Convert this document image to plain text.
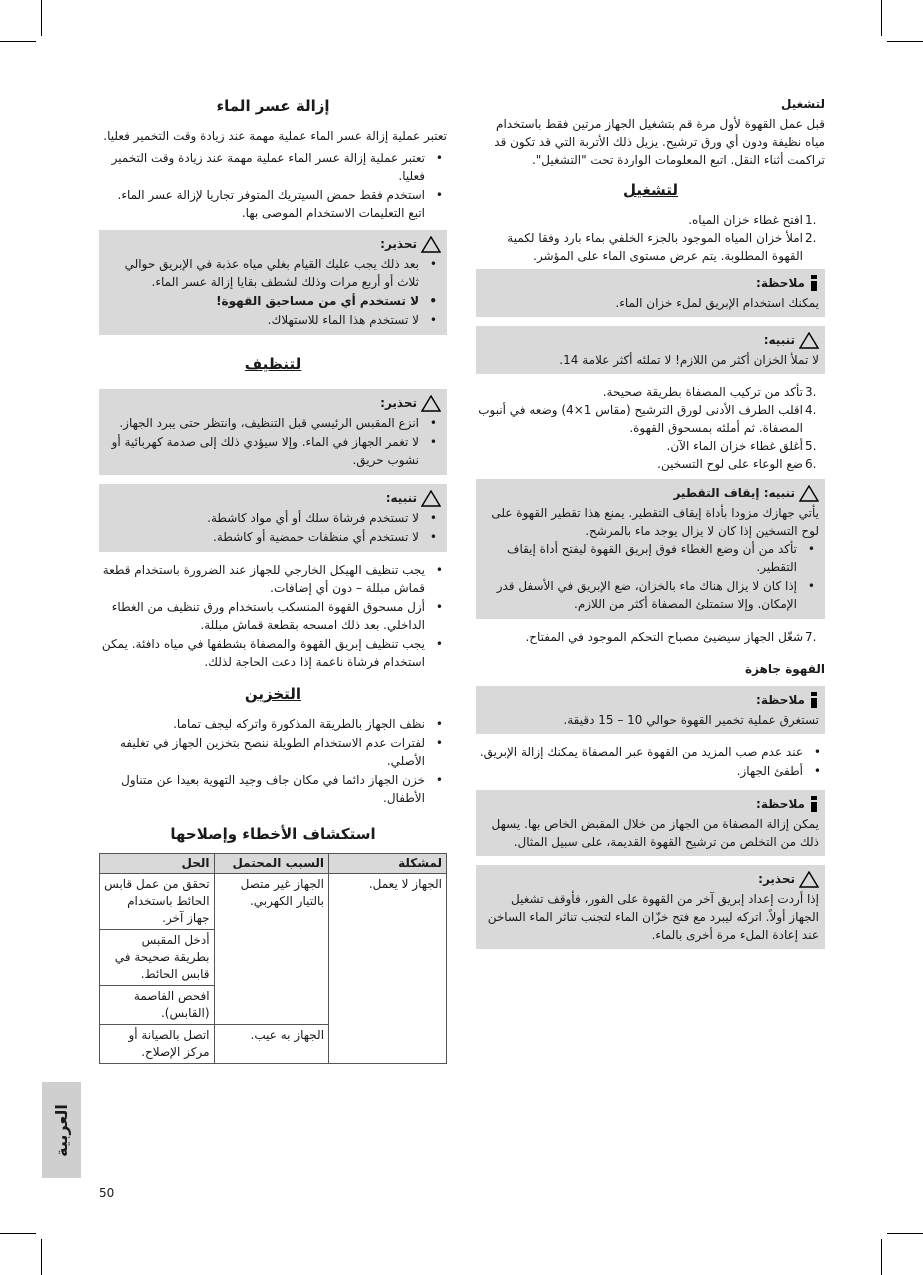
لتشغيل

قبل عمل القهوة لأول مرة قم بتشغيل الجهاز مرتين فقط باستخدام مياه نظيفة ودون أي ورق ترشيح. يزيل ذلك الأتربة التي قد تكون قد تراكمت أثناء النقل. اتبع المعلومات الواردة تحت "التشغيل".

لتشغيل
1.
افتح غطاء خزان المياه.
2.
املأ خزان المياه الموجود بالجزء الخلفي بماء بارد وفقا لكمية القهوة المطلوبة. يتم عرض مستوى الماء على المؤشر.
ملاحظة:

يمكنك استخدام الإبريق لملء خزان الماء.

تنبيه:

لا تملأ الخزان أكثر من اللازم! لا تملئه أكثر علامة 14.

3.
تأكد من تركيب المصفاة بطريقة صحيحة.
4.
اقلب الطرف الأدنى لورق الترشيح (مقاس 1×4) وضعه في أنبوب المصفاة. ثم أملئه بمسحوق القهوة.
5.
أغلق غطاء خزان الماء الآن.
6.
ضع الوعاء على لوح التسخين.
تنبيه: إيقاف التقطير

يأتي جهازك مزودا بأداة إيقاف التقطير. يمنع هذا تقطير القهوة على لوح التسخين إذا كان لا يزال يوجد ماء بالمرشح.

• تأكد من أن وضع الغطاء فوق إبريق القهوة ليفتح أداة إيقاف التقطير.
• إذا كان لا يزال هناك ماء بالخزان، ضع الإبريق في الأسفل قدر الإمكان. وإلا ستمتلئ المصفاة أكثر من اللازم.
7.
شغّل الجهاز سيضيئ مصباح التحكم الموجود في المفتاح.

القهوة جاهزة

ملاحظة:

تستغرق عملية تخمير القهوة حوالي 10 – 15 دقيقة.

• عند عدم صب المزيد من القهوة عبر المصفاة يمكنك إزالة الإبريق.
• أطفئ الجهاز.
ملاحظة:

يمكن إزالة المصفاة من الجهاز من خلال المقبض الخاص بها. يسهل ذلك من التخلص من ترشيح القهوة القديمة، على سبيل المثال.

تحذير:

إذا أردت إعداد إبريق آخر من القهوة على الفور، فأوقف تشغيل الجهاز أولاً. اتركه ليبرد مع فتح خزّان الماء لتجنب تناثر الماء الساخن عند إعادة الملء مرة أخرى بالماء.

إزالة عسر الماء

تعتبر عملية إزالة عسر الماء عملية مهمة عند زيادة وقت التخمير فعليا.

• تعتبر عملية إزالة عسر الماء عملية مهمة عند زيادة وقت التخمير فعليا.
• استخدم فقط حمض السيتريك المتوفر تجاريا لإزالة عسر الماء. اتبع التعليمات الاستخدام الموصى بها.
تحذير:
• بعد ذلك يجب عليك القيام بغلي مياه عذبة في الإبريق حوالي ثلاث أو أربع مرات وذلك لشطف بقايا إزالة عسر الماء.
• لا تستخدم أي من مساحيق القهوة!
• لا تستخدم هذا الماء للاستهلاك.
لتنظيف
تحذير:
• انزع المقبس الرئيسي قبل التنظيف، وانتظر حتى يبرد الجهاز.
• لا تغمر الجهاز في الماء. وإلا سيؤدي ذلك إلى صدمة كهربائية أو نشوب حريق.
تنبيه:
• لا تستخدم فرشاة سلك أو أي مواد كاشطة.
• لا تستخدم أي منظفات حمضية أو كاشطة.
• يجب تنظيف الهيكل الخارجي للجهاز عند الضرورة باستخدام قطعة قماش مبللة – دون أي إضافات.
• أزل مسحوق القهوة المنسكب باستخدام ورق تنظيف من الغطاء الداخلي. بعد ذلك امسحه بقطعة قماش مبللة.
• يجب تنظيف إبريق القهوة والمصفاة بشطفها في مياه دافئة. يمكن استخدام فرشاة ناعمة إذا دعت الحاجة لذلك.
التخزين
• نظف الجهاز بالطريقة المذكورة واتركه ليجف تماما.
• لفترات عدم الاستخدام الطويلة ننصح بتخزين الجهاز في تغليفه الأصلي.
• خزن الجهاز دائما في مكان جاف وجيد التهوية بعيدا عن متناول الأطفال.
استكشاف الأخطاء وإصلاحها
لمشكلة	السبب المحتمل	الحل
الجهاز لا يعمل.	الجهاز غير متصل بالتيار الكهربي.	تحقق من عمل قابس الحائط باستخدام جهاز آخر.
		أدخل المقبس بطريقة صحيحة في قابس الحائط.
		افحص الفاصمة (القابس).
	الجهاز به عيب.	اتصل بالصيانة أو مركز الإصلاح.
العربية
50
